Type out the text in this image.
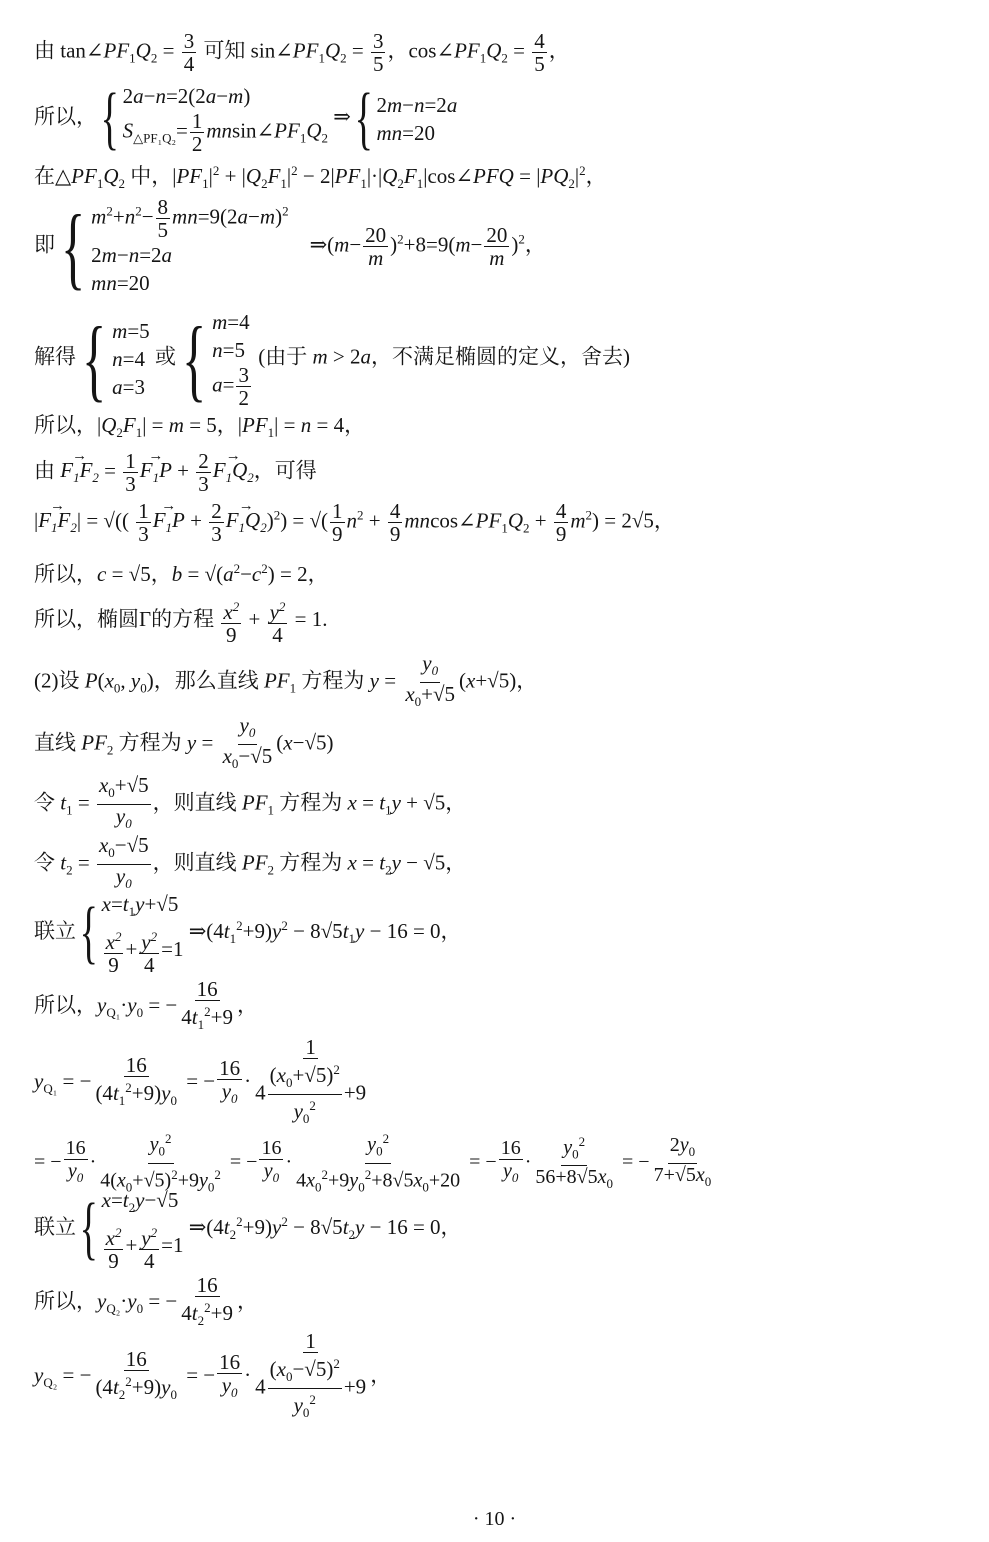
由 $\tan\angle PF_1Q_2 = \frac{3}{4}$ 可知 $\sin\angle PF_1Q_2 = \frac{3}{5}$ ，$\cos\angle PF_1Q_2 = \frac{4}{5}$ ，
所以， { 2a−n=2(2a−m)
$S_{\triangle PF_1Q_2}= \frac{1}{2}$ $mnsin\angle PF_1Q_2$
⇒ { 2m−n=2a
mn=20
在$\triangle PF_1Q_2$ 中，$|PF_1|^2 + |Q_2F_1|^2$ − $2|PF_1|\cdot|Q_2F_1|\cos\angle PFQ = |PQ_2|^2$，
即 { $m^2+n^2- \frac{8}{5} mn=9(2a-m)^2$
2m−n=2a
mn=20
⇒(m− $\frac{20}{m} )^2+8=9(m- \frac{20}{m} )^2$，
解得 { m=5
n=4
a=3
或 { m=4
n=5
$a= \frac{3}{2}$
(由于 m > 2a，不满足椭圆的定义，舍去)
所以，$|Q_2F_1| = m = 5$，$|PF_1| = n = 4$，
由 → $F_1F_2 = \frac{1}{3}$
→ $F_1P + \frac{2}{3}$
→ $F_1Q_2$，可得
|→ $F_1F_2|$ = √(( $\frac{1}{3}$
→ $F_1P + \frac{2}{3}$
→ $F_1Q_2)^2$) = √( $\frac{1}{9} n^2 + \frac{4}{9}$ $mncos\angle PF_1Q_2 + \frac{4}{9} m^2) = 2√5$，
所以，c = √5，$b = √(a^2-c^2) = 2$，
所以，椭圆Γ的方程 $\frac{x^2}{9} + \frac{y^2}{4} = 1$.
(2)设 $P(x_0$, $y_0$)，那么直线 $PF_1$ 方程为 $y = \frac{y_0}{x_0+√5} (x+√5)$，
直线 $PF_2$ 方程为 $y = \frac{y_0}{x_0-√5} (x-√5)$
令 $t_1 = \frac{x_0+√5}{y_0}$ ，则直线 $PF_1$ 方程为 $x = t_1y + √5$，
令 $t_2 = \frac{x_0-√5}{y_0}$ ，则直线 $PF_2$ 方程为 $x = t_2y - √5$，
联立 { $x=t_1y+√5$
$\frac{x^2}{9} + \frac{y^2}{4} =1$
$\Rightarrow(4t_1^2+9)y^2 - 8√5t_1y - 16 = 0$，
所以，$y_{Q_1}\cdot y_0$ = − $\frac{16}{4t_1^2+9}$ ，
$y_{Q_1}$ = − $\frac{16}{(4t_1^2+9)y_0}$ = − $\frac{16}{y_0} \cdot \frac{1}{4 \frac{(x_0+√5)^2}{y_0^2} +9}$
= − $\frac{16}{y_0} \cdot \frac{y_0^2}{4(x_0+√5)^2+9y_0^2}$ = − $\frac{16}{y_0} \cdot \frac{y_0^2}{4x_0^2+9y_0^2+8√5x_0+20}$ = − $\frac{16}{y_0} \cdot \frac{y_0^2}{56+8√5x_0}$ = − $\frac{2y_0}{7+√5x_0}$
联立 { $x=t_2y-√5$
$\frac{x^2}{9} + \frac{y^2}{4} =1$
$\Rightarrow(4t_2^2+9)y^2 - 8√5t_2y - 16 = 0$，
所以，$y_{Q_2}\cdot y_0$ = − $\frac{16}{4t_2^2+9}$ ，
$y_{Q_2}$ = − $\frac{16}{(4t_2^2+9)y_0}$ = − $\frac{16}{y_0} \cdot \frac{1}{4 \frac{(x_0-√5)^2}{y_0^2} +9}$ ，
· 10 ·
